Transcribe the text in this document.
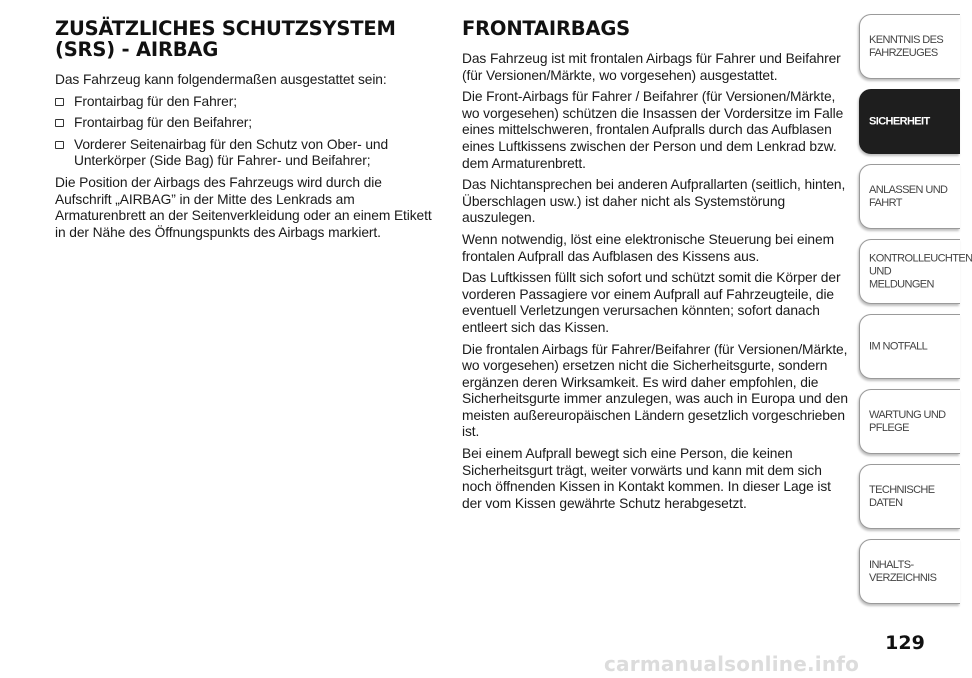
ZUSÄTZLICHES SCHUTZSYSTEM
(SRS) - AIRBAG

Das Fahrzeug kann folgendermaßen ausgestattet sein:

Frontairbag für den Fahrer;
Frontairbag für den Beifahrer;
Vorderer Seitenairbag für den Schutz von Ober- und Unterkörper (Side Bag) für Fahrer- und Beifahrer;

Die Position der Airbags des Fahrzeugs wird durch die Aufschrift „AIRBAG” in der Mitte des Lenkrads am Armaturenbrett an der Seitenverkleidung oder an einem Etikett in der Nähe des Öffnungspunkts des Airbags markiert.

FRONTAIRBAGS

Das Fahrzeug ist mit frontalen Airbags für Fahrer und Beifahrer (für Versionen/Märkte, wo vorgesehen) ausgestattet.

Die Front-Airbags für Fahrer / Beifahrer (für Versionen/Märkte, wo vorgesehen) schützen die Insassen der Vordersitze im Falle eines mittelschweren, frontalen Aufpralls durch das Aufblasen eines Luftkissens zwischen der Person und dem Lenkrad bzw. dem Armaturenbrett.

Das Nichtansprechen bei anderen Aufprallarten (seitlich, hinten, Überschlagen usw.) ist daher nicht als Systemstörung auszulegen.

Wenn notwendig, löst eine elektronische Steuerung bei einem frontalen Aufprall das Aufblasen des Kissens aus.

Das Luftkissen füllt sich sofort und schützt somit die Körper der vorderen Passagiere vor einem Aufprall auf Fahrzeugteile, die eventuell Verletzungen verursachen könnten; sofort danach entleert sich das Kissen.

Die frontalen Airbags für Fahrer/Beifahrer (für Versionen/Märkte, wo vorgesehen) ersetzen nicht die Sicherheitsgurte, sondern ergänzen deren Wirksamkeit. Es wird daher empfohlen, die Sicherheitsgurte immer anzulegen, was auch in Europa und den meisten außereuropäischen Ländern gesetzlich vorgeschrieben ist.

Bei einem Aufprall bewegt sich eine Person, die keinen Sicherheitsgurt trägt, weiter vorwärts und kann mit dem sich noch öffnenden Kissen in Kontakt kommen. In dieser Lage ist der vom Kissen gewährte Schutz herabgesetzt.

KENNTNIS DES
FAHRZEUGES
SICHERHEIT
ANLASSEN UND
FAHRT
KONTROLLEUCHTEN
UND MELDUNGEN
IM NOTFALL
WARTUNG UND
PFLEGE
TECHNISCHE DATEN
INHALTS-
VERZEICHNIS
129
carmanualsonline.info
